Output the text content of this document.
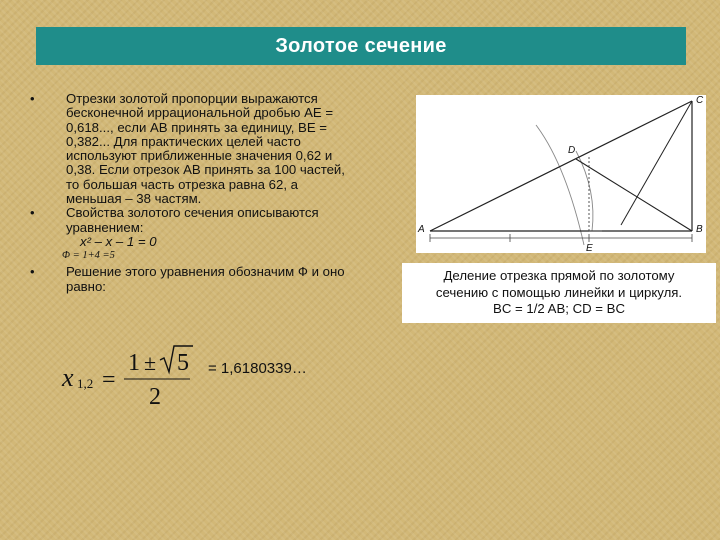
Золотое сечение
• Отрезки золотой пропорции выражаются
бесконечной иррациональной дробью AE =
0,618..., если AB принять за единицу, BE =
0,382... Для практических целей часто
используют приближенные значения 0,62 и
0,38. Если отрезок AB принять за 100 частей,
то большая часть отрезка равна 62, а
меньшая – 38 частям.
• Свойства золотого сечения описываются
уравнением:
x² – x – 1 = 0
Φ = 1+4 =5
• Решение этого уравнения обозначим Ф и оно
равно:
x 1,2 =
1 ± 5
2
= 1,6180339…
A	B
C
D
E
Деление отрезка прямой по золотому
сечению с помощью линейки и циркуля.
BC = 1/2 AB; CD = BC
